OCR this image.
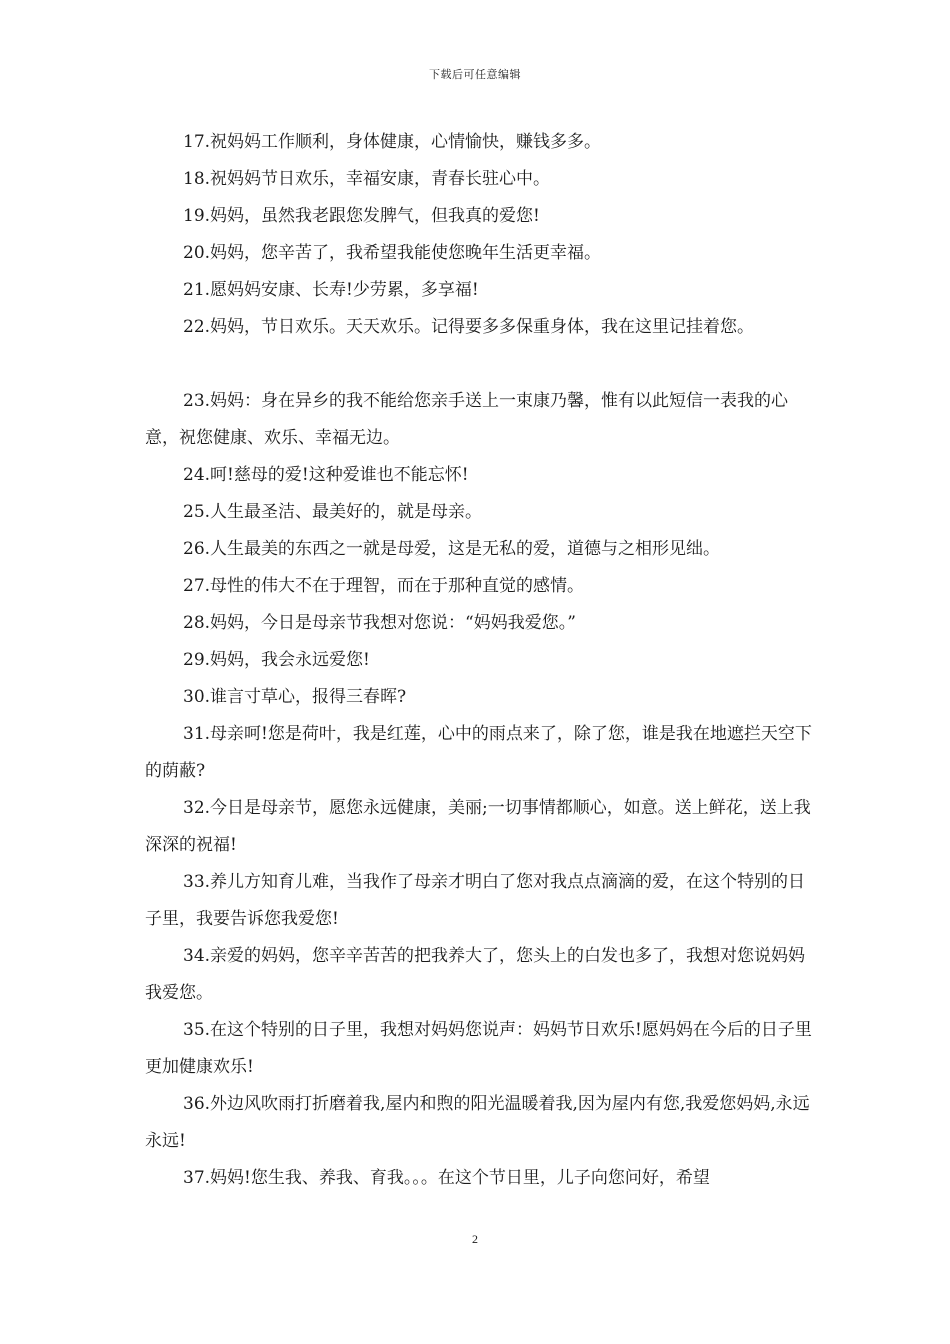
下载后可任意编辑

17.祝妈妈工作顺利，身体健康，心情愉快，赚钱多多。

18.祝妈妈节日欢乐，幸福安康，青春长驻心中。

19.妈妈，虽然我老跟您发脾气，但我真的爱您!

20.妈妈，您辛苦了，我希望我能使您晚年生活更幸福。

21.愿妈妈安康、长寿!少劳累，多享福!

22.妈妈，节日欢乐。天天欢乐。记得要多多保重身体，我在这里记挂着您。

23.妈妈：身在异乡的我不能给您亲手送上一束康乃馨，惟有以此短信一表我的心意，祝您健康、欢乐、幸福无边。

24.呵!慈母的爱!这种爱谁也不能忘怀!

25.人生最圣洁、最美好的，就是母亲。

26.人生最美的东西之一就是母爱，这是无私的爱，道德与之相形见绌。

27.母性的伟大不在于理智，而在于那种直觉的感情。

28.妈妈，今日是母亲节我想对您说：“妈妈我爱您。”

29.妈妈，我会永远爱您!

30.谁言寸草心，报得三春晖?

31.母亲呵!您是荷叶，我是红莲，心中的雨点来了，除了您，谁是我在地遮拦天空下的荫蔽?

32.今日是母亲节，愿您永远健康，美丽;一切事情都顺心，如意。送上鲜花，送上我深深的祝福!

33.养儿方知育儿难，当我作了母亲才明白了您对我点点滴滴的爱，在这个特别的日子里，我要告诉您我爱您!

34.亲爱的妈妈，您辛辛苦苦的把我养大了，您头上的白发也多了，我想对您说妈妈我爱您。

35.在这个特别的日子里，我想对妈妈您说声：妈妈节日欢乐!愿妈妈在今后的日子里更加健康欢乐!

36.外边风吹雨打折磨着我,屋内和煦的阳光温暖着我,因为屋内有您,我爱您妈妈,永远永远!

37.妈妈!您生我、养我、育我。。。在这个节日里，儿子向您问好，希望

2
